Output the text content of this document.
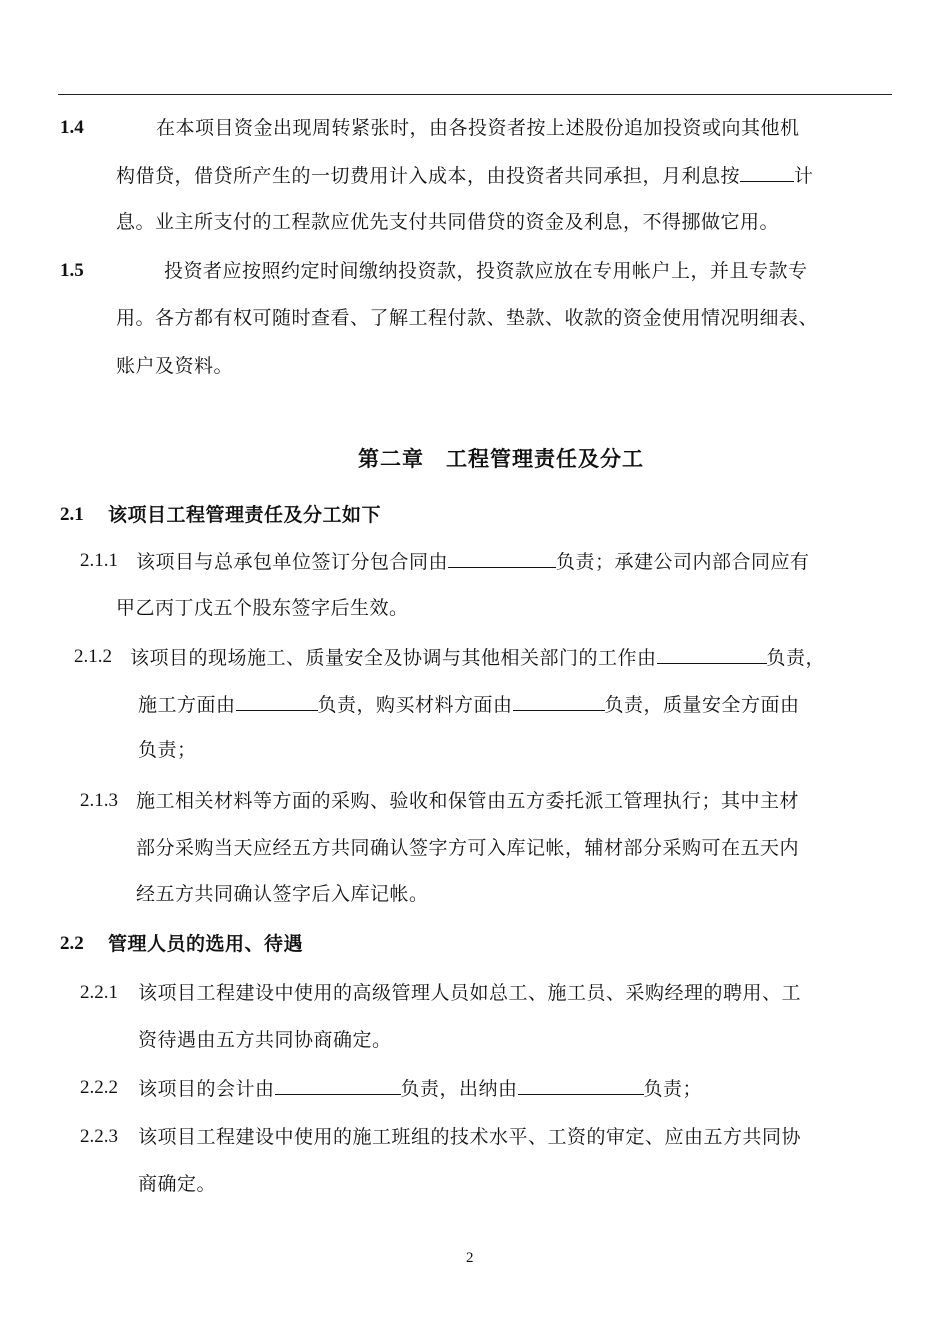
1.4	在本项目资金出现周转紧张时，由各投资者按上述股份追加投资或向其他机
构借贷，借贷所产生的一切费用计入成本，由投资者共同承担，月利息按	计
息。业主所支付的工程款应优先支付共同借贷的资金及利息，不得挪做它用。
1.5	投资者应按照约定时间缴纳投资款，投资款应放在专用帐户上，并且专款专
用。各方都有权可随时查看、了解工程付款、垫款、收款的资金使用情况明细表、
账户及资料。
第二章　工程管理责任及分工
2.1 该项目工程管理责任及分工如下
2.1.1 该项目与总承包单位签订分包合同由	负责；承建公司内部合同应有
甲乙丙丁戊五个股东签字后生效。
2.1.2 该项目的现场施工、质量安全及协调与其他相关部门的工作由	负责，
施工方面由	负责，购买材料方面由	负责，质量安全方面由
负责；
2.1.3 施工相关材料等方面的采购、验收和保管由五方委托派工管理执行；其中主材
部分采购当天应经五方共同确认签字方可入库记帐，辅材部分采购可在五天内
经五方共同确认签字后入库记帐。
2.2 管理人员的选用、待遇
2.2.1 该项目工程建设中使用的高级管理人员如总工、施工员、采购经理的聘用、工
资待遇由五方共同协商确定。
2.2.2 该项目的会计由	负责，出纳由	负责；
2.2.3 该项目工程建设中使用的施工班组的技术水平、工资的审定、应由五方共同协
商确定。
2
